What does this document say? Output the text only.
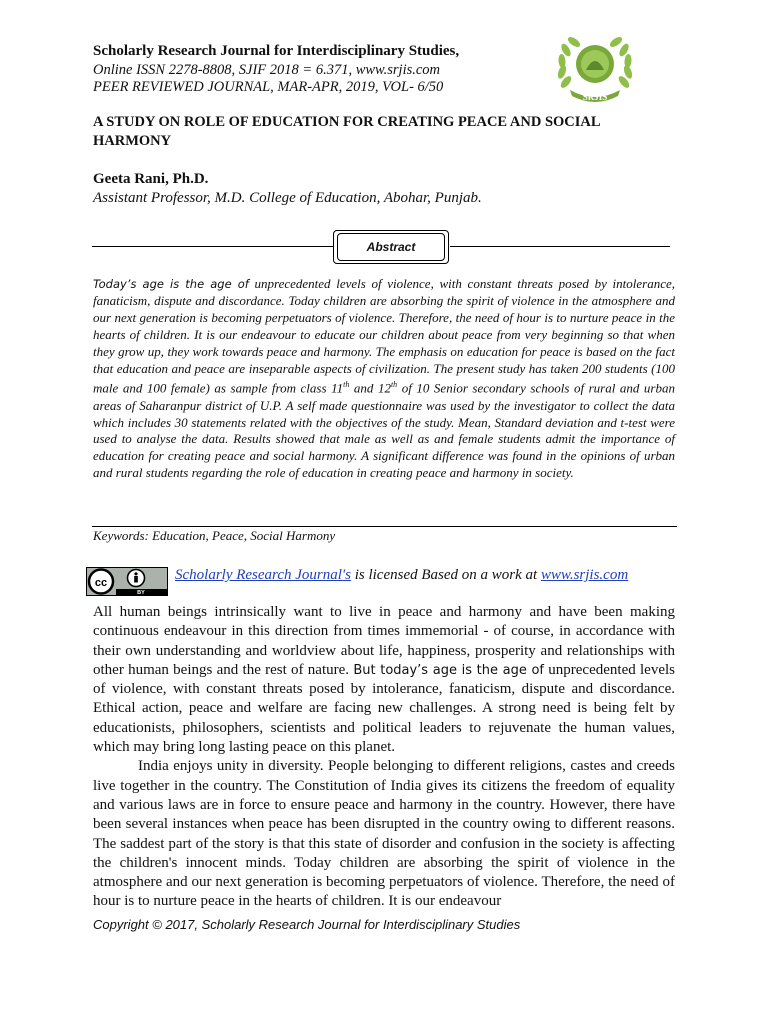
Scholarly Research Journal for Interdisciplinary Studies,
Online ISSN 2278-8808, SJIF 2018 = 6.371, www.srjis.com
PEER REVIEWED JOURNAL, MAR-APR, 2019, VOL- 6/50
SRJIS
A STUDY ON ROLE OF EDUCATION FOR CREATING PEACE AND SOCIAL HARMONY
Geeta Rani, Ph.D.
Assistant Professor, M.D. College of Education, Abohar, Punjab.
Abstract
Today’s age is the age of unprecedented levels of violence, with constant threats posed by intolerance, fanaticism, dispute and discordance. Today children are absorbing the spirit of violence in the atmosphere and our next generation is becoming perpetuators of violence. Therefore, the need of hour is to nurture peace in the hearts of children. It is our endeavour to educate our children about peace from very beginning so that when they grow up, they work towards peace and harmony. The emphasis on education for peace is based on the fact that education and peace are inseparable aspects of civilization. The present study has taken 200 students (100 male and 100 female) as sample from class 11th and 12th of 10 Senior secondary schools of rural and urban areas of Saharanpur district of U.P. A self made questionnaire was used by the investigator to collect the data which includes 30 statements related with the objectives of the study. Mean, Standard deviation and t-test were used to analyse the data. Results showed that male as well as and female students admit the importance of education for creating peace and social harmony. A significant difference was found in the opinions of urban and rural students regarding the role of education in creating peace and harmony in society.
Keywords: Education, Peace, Social Harmony
BY
cc	Scholarly Research Journal's is licensed Based on a work at www.srjis.com

All human beings intrinsically want to live in peace and harmony and have been making continuous endeavour in this direction from times immemorial - of course, in accordance with their own understanding and worldview about life, happiness, prosperity and relationships with other human beings and the rest of nature. But today’s age is the age of unprecedented levels of violence, with constant threats posed by intolerance, fanaticism, dispute and discordance. Ethical action, peace and welfare are facing new challenges. A strong need is being felt by educationists, philosophers, scientists and political leaders to rejuvenate the human values, which may bring long lasting peace on this planet.

India enjoys unity in diversity. People belonging to different religions, castes and creeds live together in the country. The Constitution of India gives its citizens the freedom of equality and various laws are in force to ensure peace and harmony in the country. However, there have been several instances when peace has been disrupted in the country owing to different reasons. The saddest part of the story is that this state of disorder and confusion in the society is affecting the children's innocent minds. Today children are absorbing the spirit of violence in the atmosphere and our next generation is becoming perpetuators of violence. Therefore, the need of hour is to nurture peace in the hearts of children. It is our endeavour

Copyright © 2017, Scholarly Research Journal for Interdisciplinary Studies
